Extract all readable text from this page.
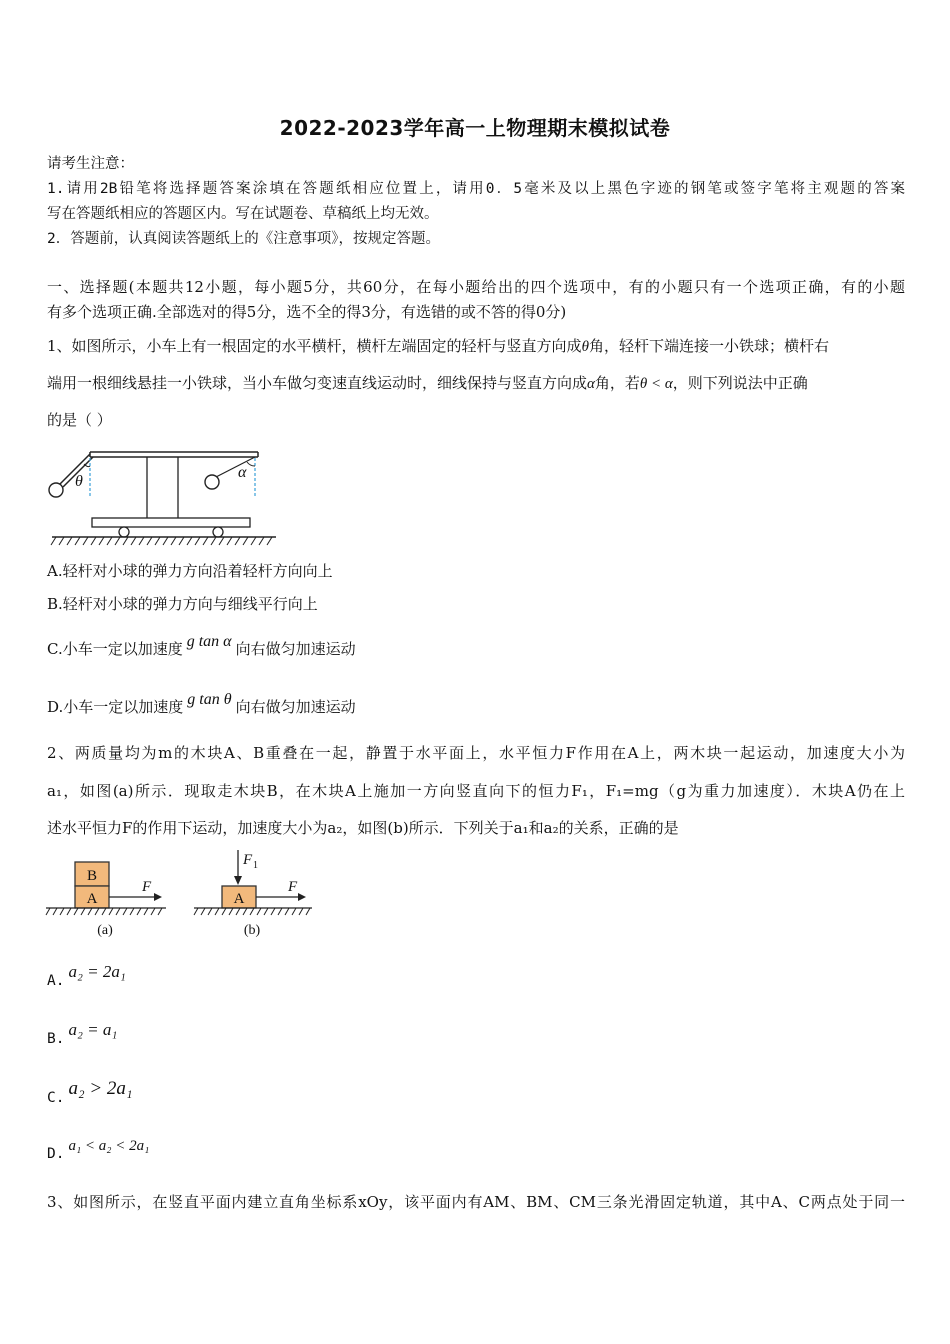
2022-2023学年高一上物理期末模拟试卷
请考生注意：
1.请用2B铅笔将选择题答案涂填在答题纸相应位置上，请用0．5毫米及以上黑色字迹的钢笔或签字笔将主观题的答案
写在答题纸相应的答题区内。写在试题卷、草稿纸上均无效。
2．答题前，认真阅读答题纸上的《注意事项》，按规定答题。
一、选择题(本题共12小题，每小题5分，共60分，在每小题给出的四个选项中，有的小题只有一个选项正确，有的小题
有多个选项正确.全部选对的得5分，选不全的得3分，有选错的或不答的得0分)
1、如图所示，小车上有一根固定的水平横杆，横杆左端固定的轻杆与竖直方向成θ角，轻杆下端连接一小铁球；横杆右
端用一根细线悬挂一小铁球，当小车做匀变速直线运动时，细线保持与竖直方向成α角，若θ < α，则下列说法中正确
的是（ ）
θ
α
A.轻杆对小球的弹力方向沿着轻杆方向向上
B.轻杆对小球的弹力方向与细线平行向上
C.小车一定以加速度 g tan α 向右做匀加速运动
D.小车一定以加速度 g tan θ 向右做匀加速运动
2、两质量均为m的木块A、B重叠在一起，静置于水平面上，水平恒力F作用在A上，两木块一起运动，加速度大小为
a₁，如图(a)所示．现取走木块B，在木块A上施加一方向竖直向下的恒力F₁，F₁=mg（g为重力加速度）．木块A仍在上
述水平恒力F的作用下运动，加速度大小为a₂，如图(b)所示．下列关于a₁和a₂的关系，正确的是
B
A
F
(a)
F 1
A
F
(b)
A. a₂ = 2a₁
B. a₂ = a₁
C. a₂ > 2a₁
D. a₁ < a₂ < 2a₁
3、如图所示，在竖直平面内建立直角坐标系xOy，该平面内有AM、BM、CM三条光滑固定轨道，其中A、C两点处于同一
